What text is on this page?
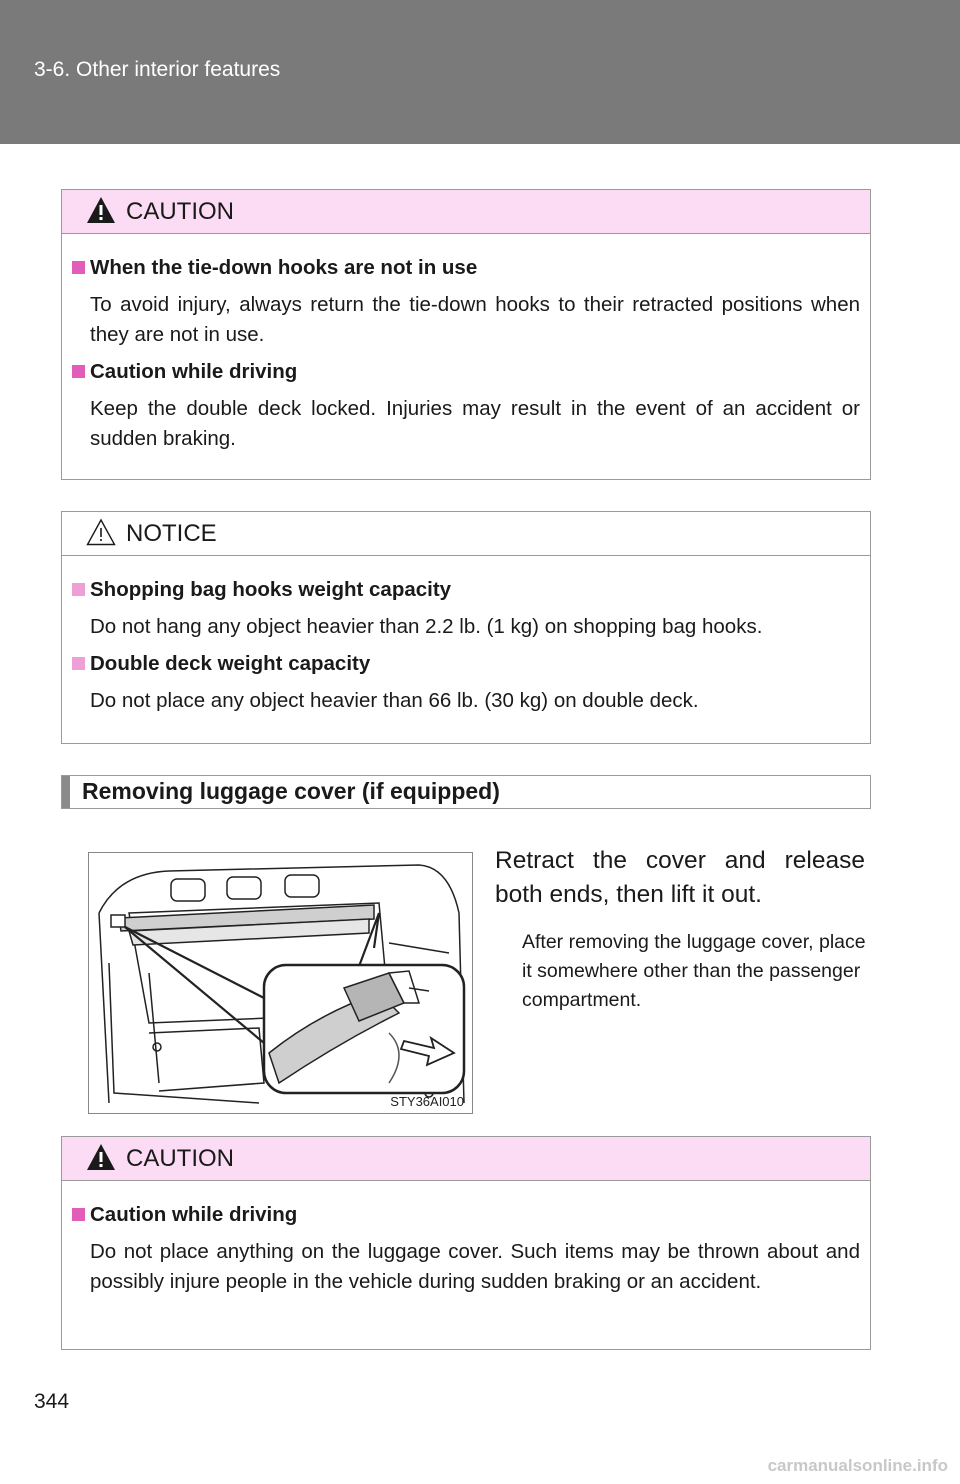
3-6. Other interior features
CAUTION
When the tie-down hooks are not in use
To avoid injury, always return the tie-down hooks to their retracted positions when they are not in use.
Caution while driving
Keep the double deck locked. Injuries may result in the event of an accident or sudden braking.
NOTICE
Shopping bag hooks weight capacity
Do not hang any object heavier than 2.2 lb. (1 kg) on shopping bag hooks.
Double deck weight capacity
Do not place any object heavier than 66 lb. (30 kg) on double deck.
Removing luggage cover (if equipped)
STY36AI010
Retract the cover and release both ends, then lift it out.
After removing the luggage cover, place it somewhere other than the passenger compartment.
CAUTION
Caution while driving
Do not place anything on the luggage cover. Such items may be thrown about and possibly injure people in the vehicle during sudden braking or an accident.
344
carmanualsonline.info
